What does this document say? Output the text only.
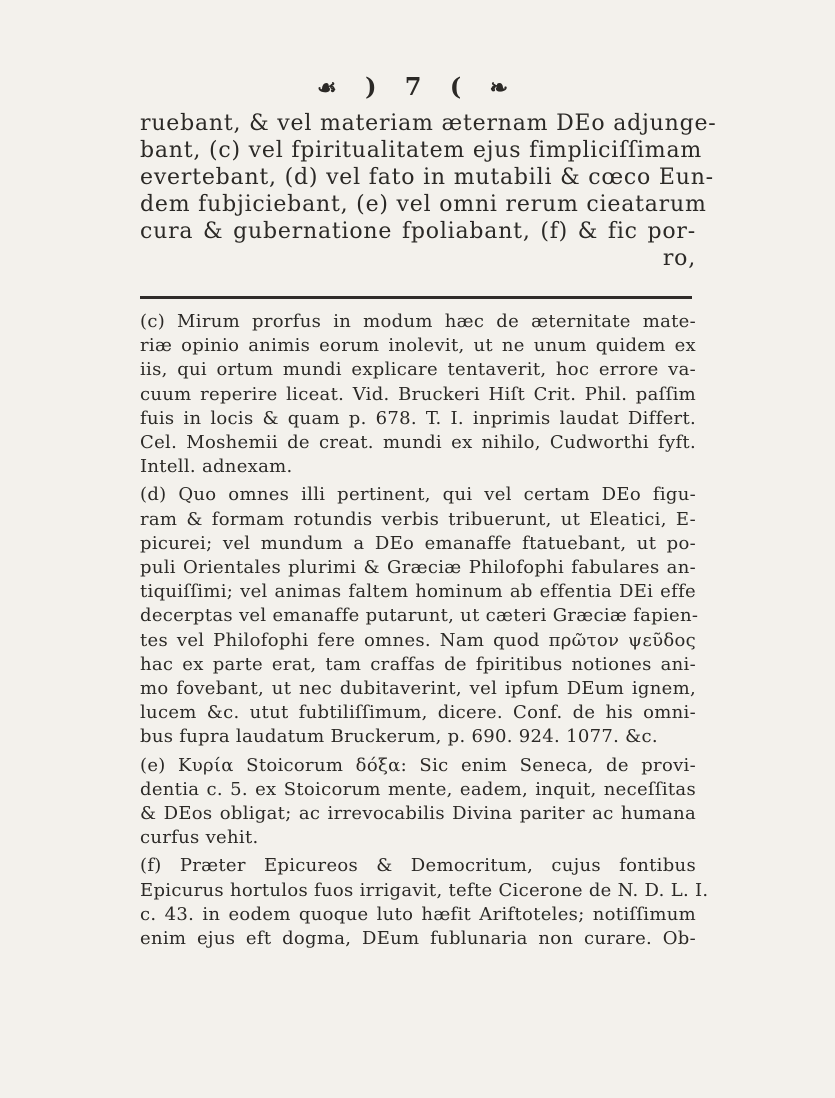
☙ ) 7 ( ❧
ruebant, & vel materiam æternam DEo adjunge-
bant, (c) vel fpiritualitatem ejus fimpliciſſimam
evertebant, (d) vel fato in mutabili & cœco Eun-
dem fubjiciebant, (e) vel omni rerum cieatarum
cura & gubernatione fpoliabant, (f) & fic por-
ro,
(c) Mirum prorfus in modum hæc de æternitate mate-
riæ opinio animis eorum inolevit, ut ne unum quidem ex
iis, qui ortum mundi explicare tentaverit, hoc errore va-
cuum reperire liceat. Vid. Bruckeri Hiſt Crit. Phil. paſſim
fuis in locis & quam p. 678. T. I. inprimis laudat Differt.
Cel. Moshemii de creat. mundi ex nihilo, Cudworthi fyft.
Intell. adnexam.
(d) Quo omnes illi pertinent, qui vel certam DEo figu-
ram & formam rotundis verbis tribuerunt, ut Eleatici, E-
picurei; vel mundum a DEo emanaffe ftatuebant, ut po-
puli Orientales plurimi & Græciæ Philofophi fabulares an-
tiquiſſimi; vel animas faltem hominum ab effentia DEi effe
decerptas vel emanaffe putarunt, ut cæteri Græciæ fapien-
tes vel Philofophi fere omnes. Nam quod πρῶτον ψεῦδος
hac ex parte erat, tam craffas de fpiritibus notiones ani-
mo fovebant, ut nec dubitaverint, vel ipfum DEum ignem,
lucem &c. utut fubtiliſſimum, dicere. Conf. de his omni-
bus fupra laudatum Bruckerum, p. 690. 924. 1077. &c.
(e) Κυρία Stoicorum δόξα: Sic enim Seneca, de provi-
dentia c. 5. ex Stoicorum mente, eadem, inquit, neceſſitas
& DEos obligat; ac irrevocabilis Divina pariter ac humana
curfus vehit.
(f) Præter Epicureos & Democritum, cujus fontibus
Epicurus hortulos fuos irrigavit, tefte Cicerone de N. D. L. I.
c. 43. in eodem quoque luto hæfit Ariftoteles; notiſſimum
enim ejus eft dogma, DEum fublunaria non curare. Ob-
